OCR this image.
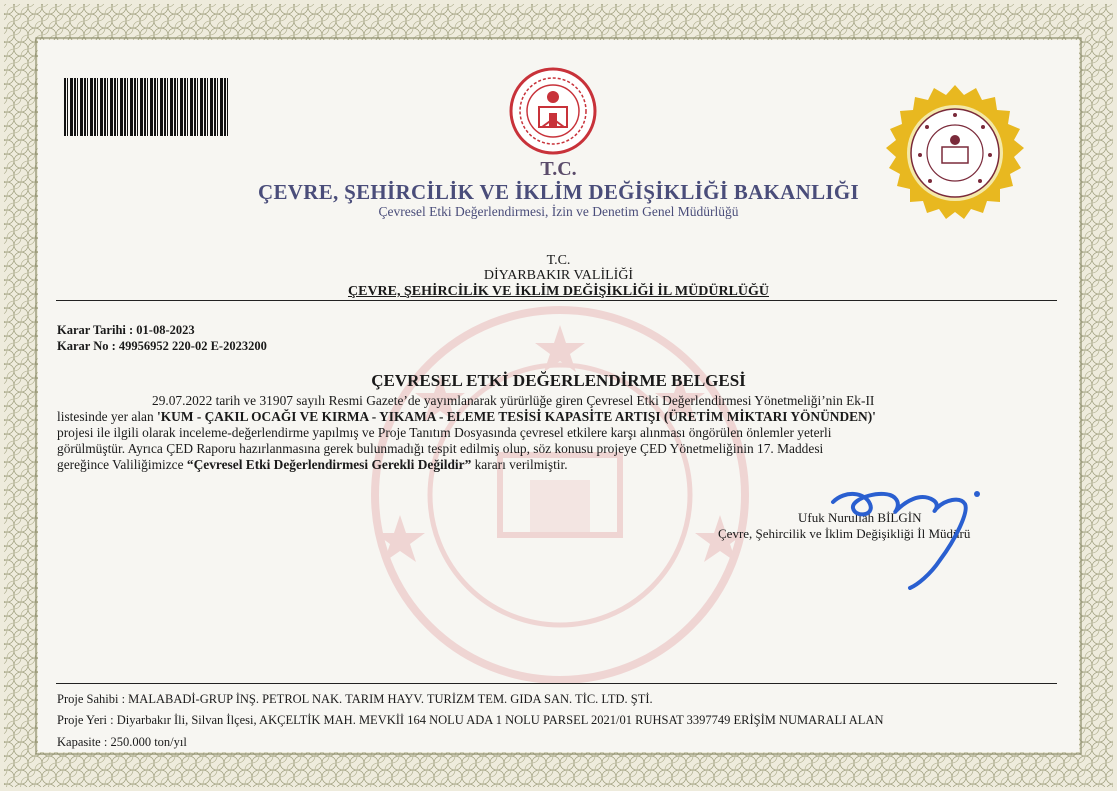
T.C.
ÇEVRE, ŞEHİRCİLİK VE İKLİM DEĞİŞİKLİĞİ BAKANLIĞI
Çevresel Etki Değerlendirmesi, İzin ve Denetim Genel Müdürlüğü
T.C.
DİYARBAKIR VALİLİĞİ
ÇEVRE, ŞEHİRCİLİK VE İKLİM DEĞİŞİKLİĞİ İL MÜDÜRLÜĞÜ
Karar Tarihi : 01-08-2023
Karar No : 49956952 220-02 E-2023200
ÇEVRESEL ETKİ DEĞERLENDİRME BELGESİ
29.07.2022 tarih ve 31907 sayılı Resmi Gazete’de yayımlanarak yürürlüğe giren Çevresel Etki Değerlendirmesi Yönetmeliği’nin Ek-II
listesinde yer alan 'KUM - ÇAKIL OCAĞI VE KIRMA - YIKAMA - ELEME TESİSİ KAPASİTE ARTIŞI (ÜRETİM MİKTARI YÖNÜNDEN)'
projesi ile ilgili olarak inceleme-değerlendirme yapılmış ve Proje Tanıtım Dosyasında çevresel etkilere karşı alınması öngörülen önlemler yeterli
görülmüştür. Ayrıca ÇED Raporu hazırlanmasına gerek bulunmadığı tespit edilmiş olup, söz konusu projeye ÇED Yönetmeliğinin 17. Maddesi
gereğince Valiliğimizce “Çevresel Etki Değerlendirmesi Gerekli Değildir” kararı verilmiştir.
Ufuk Nurullah BİLGİN
Çevre, Şehircilik ve İklim Değişikliği İl Müdürü
Proje Sahibi : MALABADİ-GRUP İNŞ. PETROL NAK. TARIM HAYV. TURİZM TEM. GIDA SAN. TİC. LTD. ŞTİ.
Proje Yeri : Diyarbakır İli, Silvan İlçesi, AKÇELTİK MAH. MEVKİİ 164 NOLU ADA 1 NOLU PARSEL 2021/01 RUHSAT 3397749 ERİŞİM NUMARALI ALAN
Kapasite : 250.000 ton/yıl
